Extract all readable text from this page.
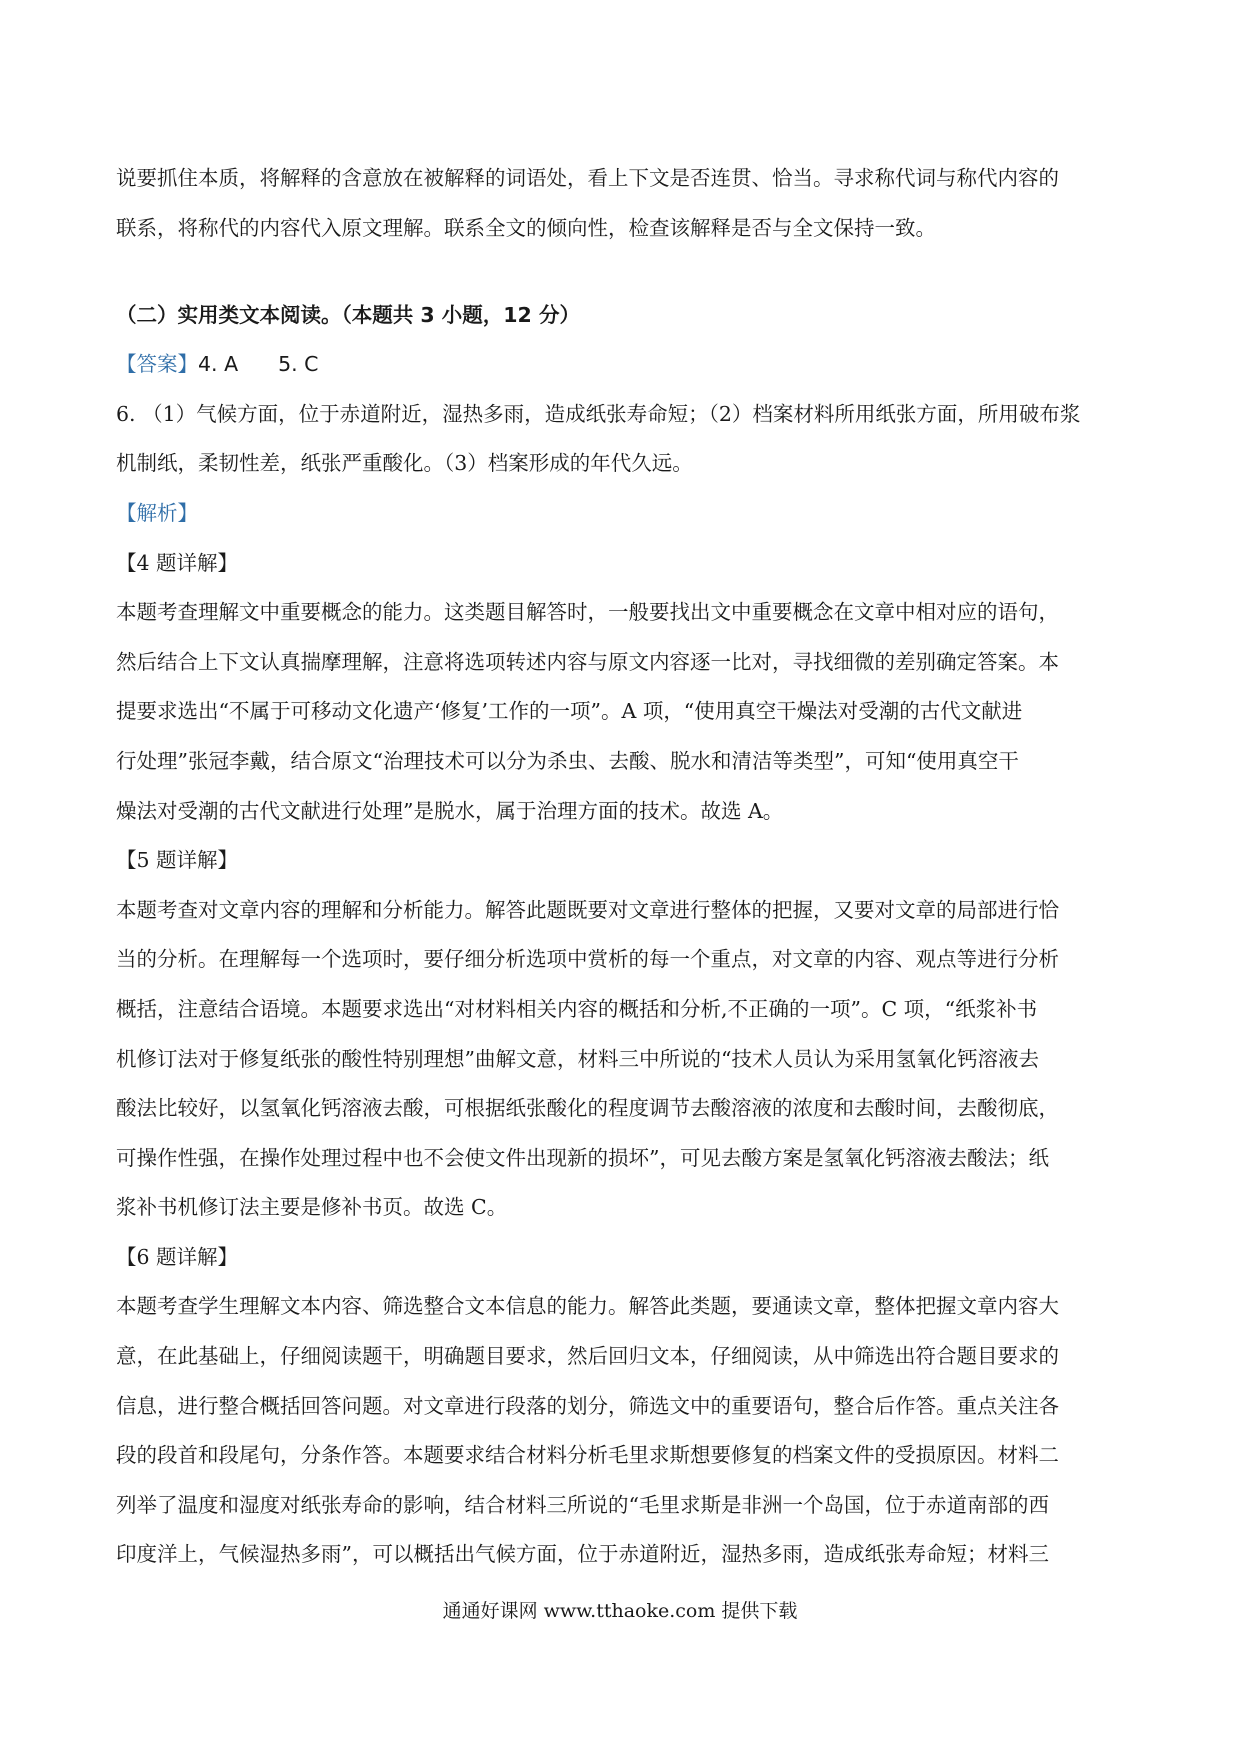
说要抓住本质，将解释的含意放在被解释的词语处，看上下文是否连贯、恰当。寻求称代词与称代内容的

联系，将称代的内容代入原文理解。联系全文的倾向性，检查该解释是否与全文保持一致。

（二）实用类文本阅读。（本题共 3 小题，12 分）

【答案】4. A 5. C

6. （1）气候方面，位于赤道附近，湿热多雨，造成纸张寿命短；（2）档案材料所用纸张方面，所用破布浆

机制纸，柔韧性差，纸张严重酸化。（3）档案形成的年代久远。

【解析】

【4 题详解】

本题考查理解文中重要概念的能力。这类题目解答时，一般要找出文中重要概念在文章中相对应的语句，

然后结合上下文认真揣摩理解，注意将选项转述内容与原文内容逐一比对，寻找细微的差别确定答案。本

提要求选出“不属于可移动文化遗产‘修复’工作的一项”。A 项，“使用真空干燥法对受潮的古代文献进

行处理”张冠李戴，结合原文“治理技术可以分为杀虫、去酸、脱水和清洁等类型”，可知“使用真空干

燥法对受潮的古代文献进行处理”是脱水，属于治理方面的技术。故选 A。

【5 题详解】

本题考查对文章内容的理解和分析能力。解答此题既要对文章进行整体的把握，又要对文章的局部进行恰

当的分析。在理解每一个选项时，要仔细分析选项中赏析的每一个重点，对文章的内容、观点等进行分析

概括，注意结合语境。本题要求选出“对材料相关内容的概括和分析,不正确的一项”。C 项，“纸浆补书

机修订法对于修复纸张的酸性特别理想”曲解文意，材料三中所说的“技术人员认为采用氢氧化钙溶液去

酸法比较好，以氢氧化钙溶液去酸，可根据纸张酸化的程度调节去酸溶液的浓度和去酸时间，去酸彻底，

可操作性强，在操作处理过程中也不会使文件出现新的损坏”，可见去酸方案是氢氧化钙溶液去酸法；纸

浆补书机修订法主要是修补书页。故选 C。

【6 题详解】

本题考查学生理解文本内容、筛选整合文本信息的能力。解答此类题，要通读文章，整体把握文章内容大

意，在此基础上，仔细阅读题干，明确题目要求，然后回归文本，仔细阅读，从中筛选出符合题目要求的

信息，进行整合概括回答问题。对文章进行段落的划分，筛选文中的重要语句，整合后作答。重点关注各

段的段首和段尾句，分条作答。本题要求结合材料分析毛里求斯想要修复的档案文件的受损原因。材料二

列举了温度和湿度对纸张寿命的影响，结合材料三所说的“毛里求斯是非洲一个岛国，位于赤道南部的西

印度洋上，气候湿热多雨”，可以概括出气候方面，位于赤道附近，湿热多雨，造成纸张寿命短；材料三

通通好课网 www.tthaoke.com 提供下载
